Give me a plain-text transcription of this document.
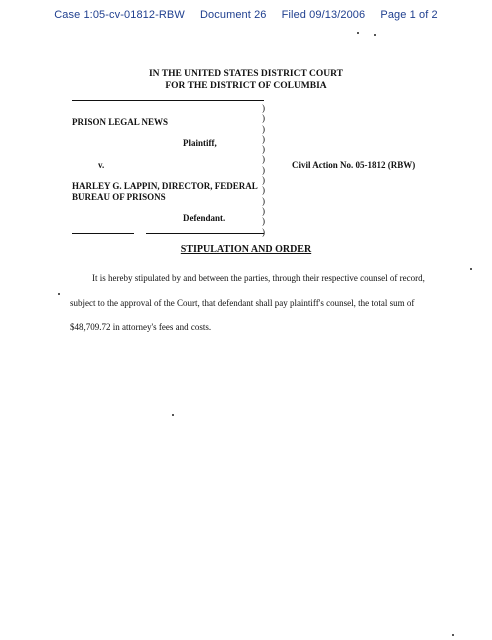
Case 1:05-cv-01812-RBW Document 26 Filed 09/13/2006 Page 1 of 2
IN THE UNITED STATES DISTRICT COURT
FOR THE DISTRICT OF COLUMBIA
PRISON LEGAL NEWS
Plaintiff,
v.
HARLEY G. LAPPIN, DIRECTOR, FEDERAL
BUREAU OF PRISONS
Defendant.
)
)
)
)
)
)
)
)
)
)
)
)
)
Civil Action No. 05-1812 (RBW)
STIPULATION AND ORDER

It is hereby stipulated by and between the parties, through their respective counsel of record, subject to the approval of the Court, that defendant shall pay plaintiff's counsel, the total sum of $48,709.72 in attorney's fees and costs.
